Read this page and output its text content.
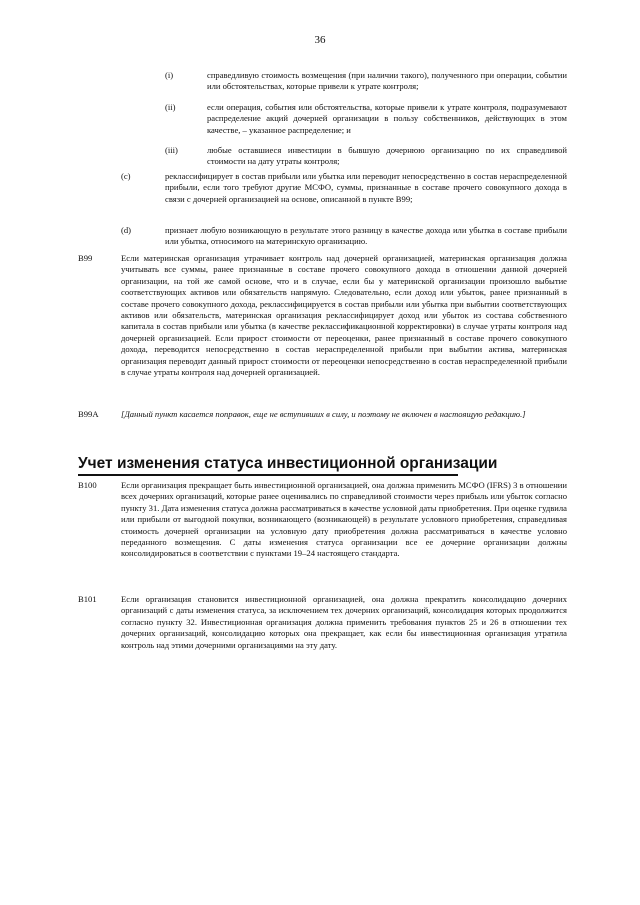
36
(i)	справедливую стоимость возмещения (при наличии такого), полученного при операции, событии или обстоятельствах, которые привели к утрате контроля;
(ii)	если операция, события или обстоятельства, которые привели к утрате контроля, подразумевают распределение акций дочерней организации в пользу собственников, действующих в этом качестве, – указанное распределение; и
(iii)	любые оставшиеся инвестиции в бывшую дочернюю организацию по их справедливой стоимости на дату утраты контроля;
(c)	реклассифицирует в состав прибыли или убытка или переводит непосредственно в состав нераспределенной прибыли, если того требуют другие МСФО, суммы, признанные в составе прочего совокупного дохода в связи с дочерней организацией на основе, описанной в пункте B99;
(d)	признает любую возникающую в результате этого разницу в качестве дохода или убытка в составе прибыли или убытка, относимого на материнскую организацию.
B99	Если материнская организация утрачивает контроль над дочерней организацией, материнская организация должна учитывать все суммы, ранее признанные в составе прочего совокупного дохода в отношении данной дочерней организации, на той же самой основе, что и в случае, если бы у материнской организации произошло выбытие соответствующих активов или обязательств напрямую. Следовательно, если доход или убыток, ранее признанный в составе прочего совокупного дохода, реклассифицируется в состав прибыли или убытка при выбытии соответствующих активов или обязательств, материнская организация реклассифицирует доход или убыток из состава собственного капитала в состав прибыли или убытка (в качестве реклассификационной корректировки) в случае утраты контроля над дочерней организацией. Если прирост стоимости от переоценки, ранее признанный в составе прочего совокупного дохода, переводится непосредственно в состав нераспределенной прибыли при выбытии актива, материнская организация переводит данный прирост стоимости от переоценки непосредственно в состав нераспределенной прибыли в случае утраты контроля над дочерней организацией.
B99A	[Данный пункт касается поправок, еще не вступивших в силу, и поэтому не включен в настоящую редакцию.]
Учет изменения статуса инвестиционной организации
B100	Если организация прекращает быть инвестиционной организацией, она должна применить МСФО (IFRS) 3 в отношении всех дочерних организаций, которые ранее оценивались по справедливой стоимости через прибыль или убыток согласно пункту 31. Дата изменения статуса должна рассматриваться в качестве условной даты приобретения. При оценке гудвила или прибыли от выгодной покупки, возникающего (возникающей) в результате условного приобретения, справедливая стоимость дочерней организации на условную дату приобретения должна рассматриваться в качестве условно переданного возмещения. С даты изменения статуса организации все ее дочерние организации должны консолидироваться в соответствии с пунктами 19–24 настоящего стандарта.
B101	Если организация становится инвестиционной организацией, она должна прекратить консолидацию дочерних организаций с даты изменения статуса, за исключением тех дочерних организаций, консолидация которых продолжится согласно пункту 32. Инвестиционная организация должна применить требования пунктов 25 и 26 в отношении тех дочерних организаций, консолидацию которых она прекращает, как если бы инвестиционная организация утратила контроль над этими дочерними организациями на эту дату.
